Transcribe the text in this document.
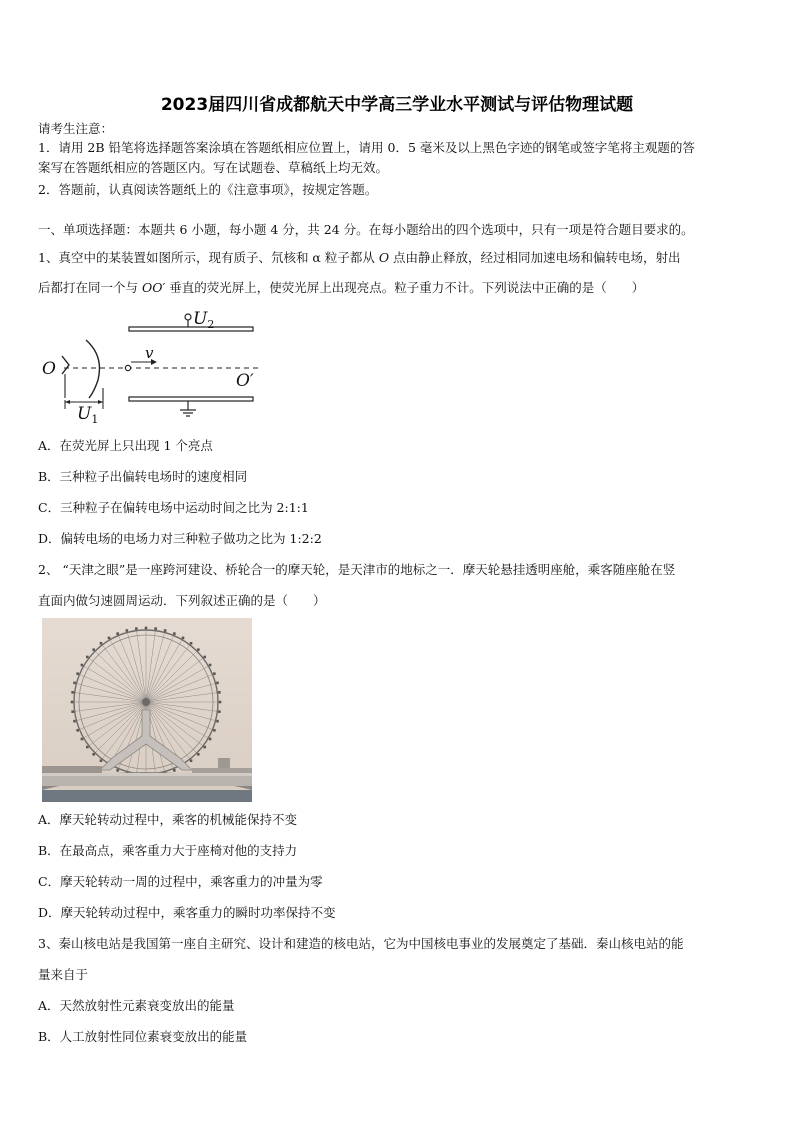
2023届四川省成都航天中学高三学业水平测试与评估物理试题
请考生注意：
1．请用 2B 铅笔将选择题答案涂填在答题纸相应位置上，请用 0．5 毫米及以上黑色字迹的钢笔或签字笔将主观题的答
案写在答题纸相应的答题区内。写在试题卷、草稿纸上均无效。
2．答题前，认真阅读答题纸上的《注意事项》，按规定答题。
一、单项选择题：本题共 6 小题，每小题 4 分，共 24 分。在每小题给出的四个选项中，只有一项是符合题目要求的。
1、真空中的某装置如图所示，现有质子、氘核和 α 粒子都从 O 点由静止释放，经过相同加速电场和偏转电场，射出
后都打在同一个与 OO′ 垂直的荧光屏上，使荧光屏上出现亮点。粒子重力不计。下列说法中正确的是（　　）
$U_2$
O
$U_1$
v
O′
A．在荧光屏上只出现 1 个亮点
B．三种粒子出偏转电场时的速度相同
C．三种粒子在偏转电场中运动时间之比为 2:1:1
D．偏转电场的电场力对三种粒子做功之比为 1:2:2
2、 “天津之眼”是一座跨河建设、桥轮合一的摩天轮，是天津市的地标之一．摩天轮悬挂透明座舱，乘客随座舱在竖
直面内做匀速圆周运动．下列叙述正确的是（　　）
A．摩天轮转动过程中，乘客的机械能保持不变
B．在最高点，乘客重力大于座椅对他的支持力
C．摩天轮转动一周的过程中，乘客重力的冲量为零
D．摩天轮转动过程中，乘客重力的瞬时功率保持不变
3、秦山核电站是我国第一座自主研究、设计和建造的核电站，它为中国核电事业的发展奠定了基础．秦山核电站的能
量来自于
A．天然放射性元素衰变放出的能量
B．人工放射性同位素衰变放出的能量
